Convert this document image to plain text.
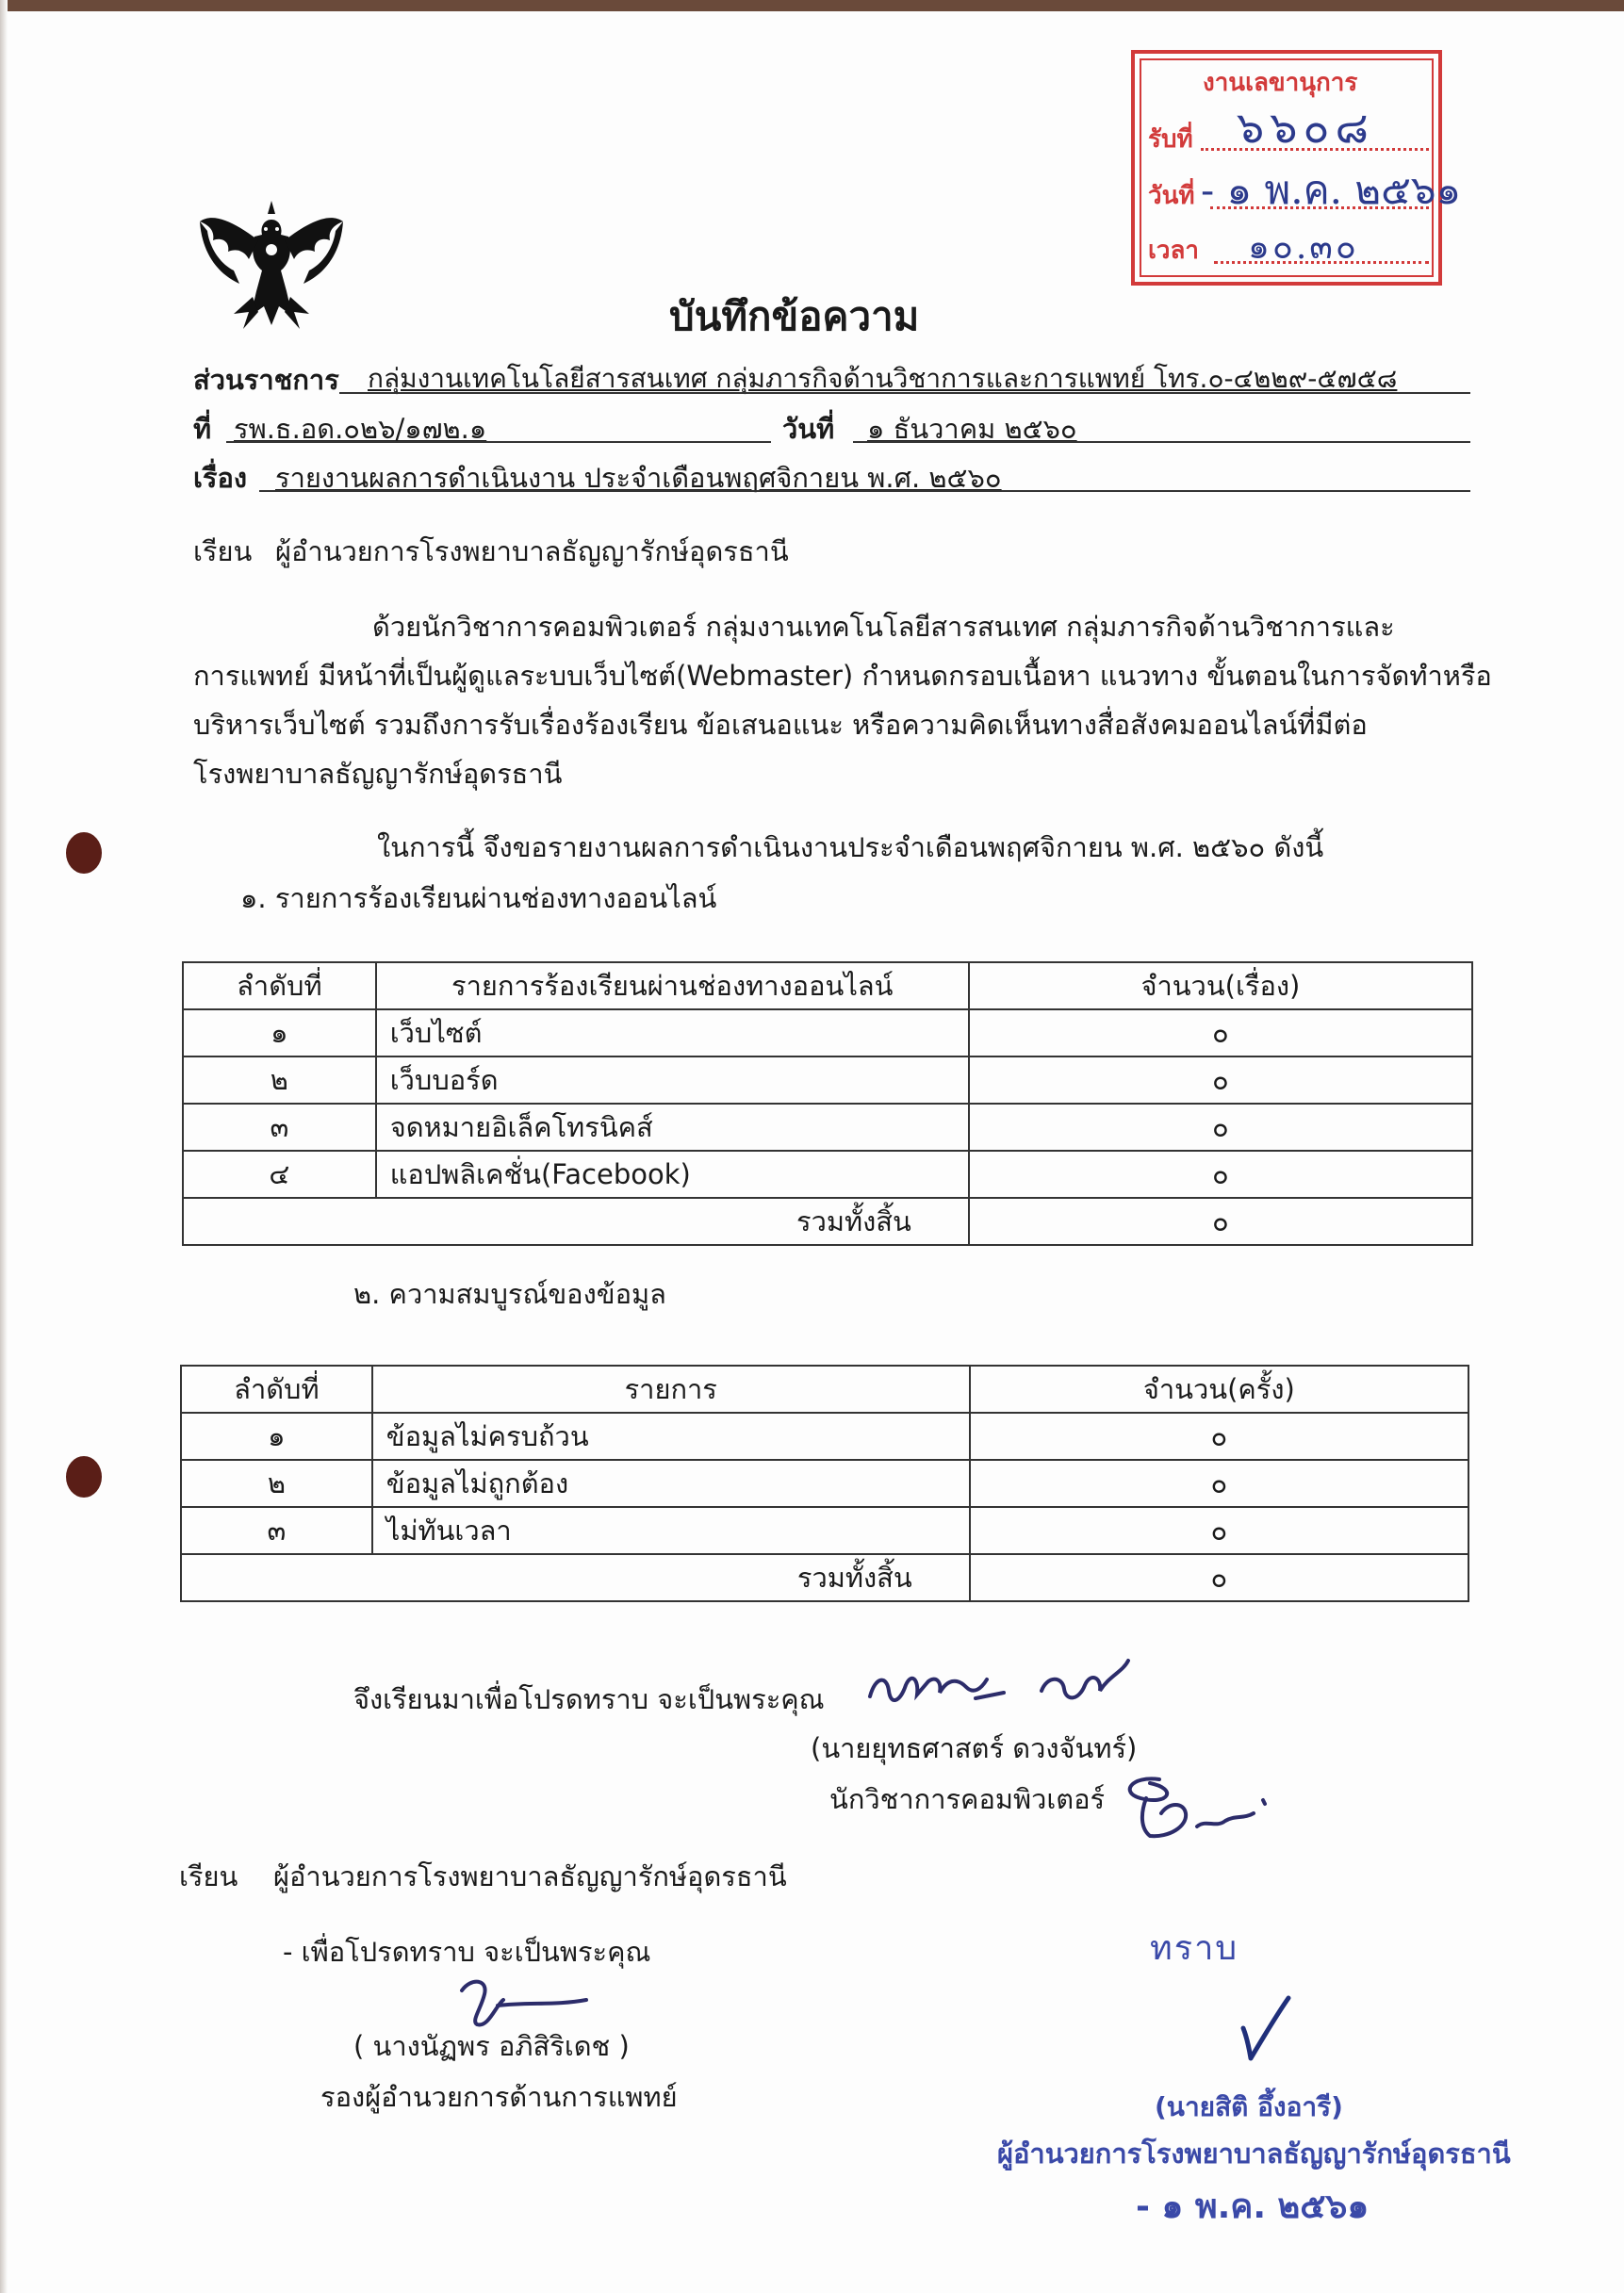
งานเลขานุการ
รับที่ ๖๖๐๘
วันที่ - ๑ พ.ค. ๒๕๖๑
เวลา ๑๐.๓๐
บันทึกข้อความ
ส่วนราชการ กลุ่มงานเทคโนโลยีสารสนเทศ กลุ่มภารกิจด้านวิชาการและการแพทย์ โทร.๐-๔๒๒๙-๕๗๕๘
ที่ รพ.ธ.อด.๐๒๖/๑๗๒.๑	วันที่ ๑ ธันวาคม ๒๕๖๐
เรื่อง รายงานผลการดำเนินงาน ประจำเดือนพฤศจิกายน พ.ศ. ๒๕๖๐
เรียน ผู้อำนวยการโรงพยาบาลธัญญารักษ์อุดรธานี
ด้วยนักวิชาการคอมพิวเตอร์ กลุ่มงานเทคโนโลยีสารสนเทศ กลุ่มภารกิจด้านวิชาการและ
การแพทย์ มีหน้าที่เป็นผู้ดูแลระบบเว็บไซต์(Webmaster) กำหนดกรอบเนื้อหา แนวทาง ขั้นตอนในการจัดทำหรือ
บริหารเว็บไซต์ รวมถึงการรับเรื่องร้องเรียน ข้อเสนอแนะ หรือความคิดเห็นทางสื่อสังคมออนไลน์ที่มีต่อ
โรงพยาบาลธัญญารักษ์อุดรธานี
ในการนี้ จึงขอรายงานผลการดำเนินงานประจำเดือนพฤศจิกายน พ.ศ. ๒๕๖๐ ดังนี้
๑. รายการร้องเรียนผ่านช่องทางออนไลน์
ลำดับที่	รายการร้องเรียนผ่านช่องทางออนไลน์	จำนวน(เรื่อง)
๑	เว็บไซต์	๐
๒	เว็บบอร์ด	๐
๓	จดหมายอิเล็คโทรนิคส์	๐
๔	แอปพลิเคชั่น(Facebook)	๐
รวมทั้งสิ้น		๐
๒. ความสมบูรณ์ของข้อมูล
ลำดับที่	รายการ	จำนวน(ครั้ง)
๑	ข้อมูลไม่ครบถ้วน	๐
๒	ข้อมูลไม่ถูกต้อง	๐
๓	ไม่ทันเวลา	๐
รวมทั้งสิ้น		๐
จึงเรียนมาเพื่อโปรดทราบ จะเป็นพระคุณ
(นายยุทธศาสตร์ ดวงจันทร์)
นักวิชาการคอมพิวเตอร์
เรียน ผู้อำนวยการโรงพยาบาลธัญญารักษ์อุดรธานี
- เพื่อโปรดทราบ จะเป็นพระคุณ
( นางนัฏพร อภิสิริเดช )
รองผู้อำนวยการด้านการแพทย์
ทราบ
(นายสิติ อึ้งอารี)
ผู้อำนวยการโรงพยาบาลธัญญารักษ์อุดรธานี
- ๑ พ.ค. ๒๕๖๑
